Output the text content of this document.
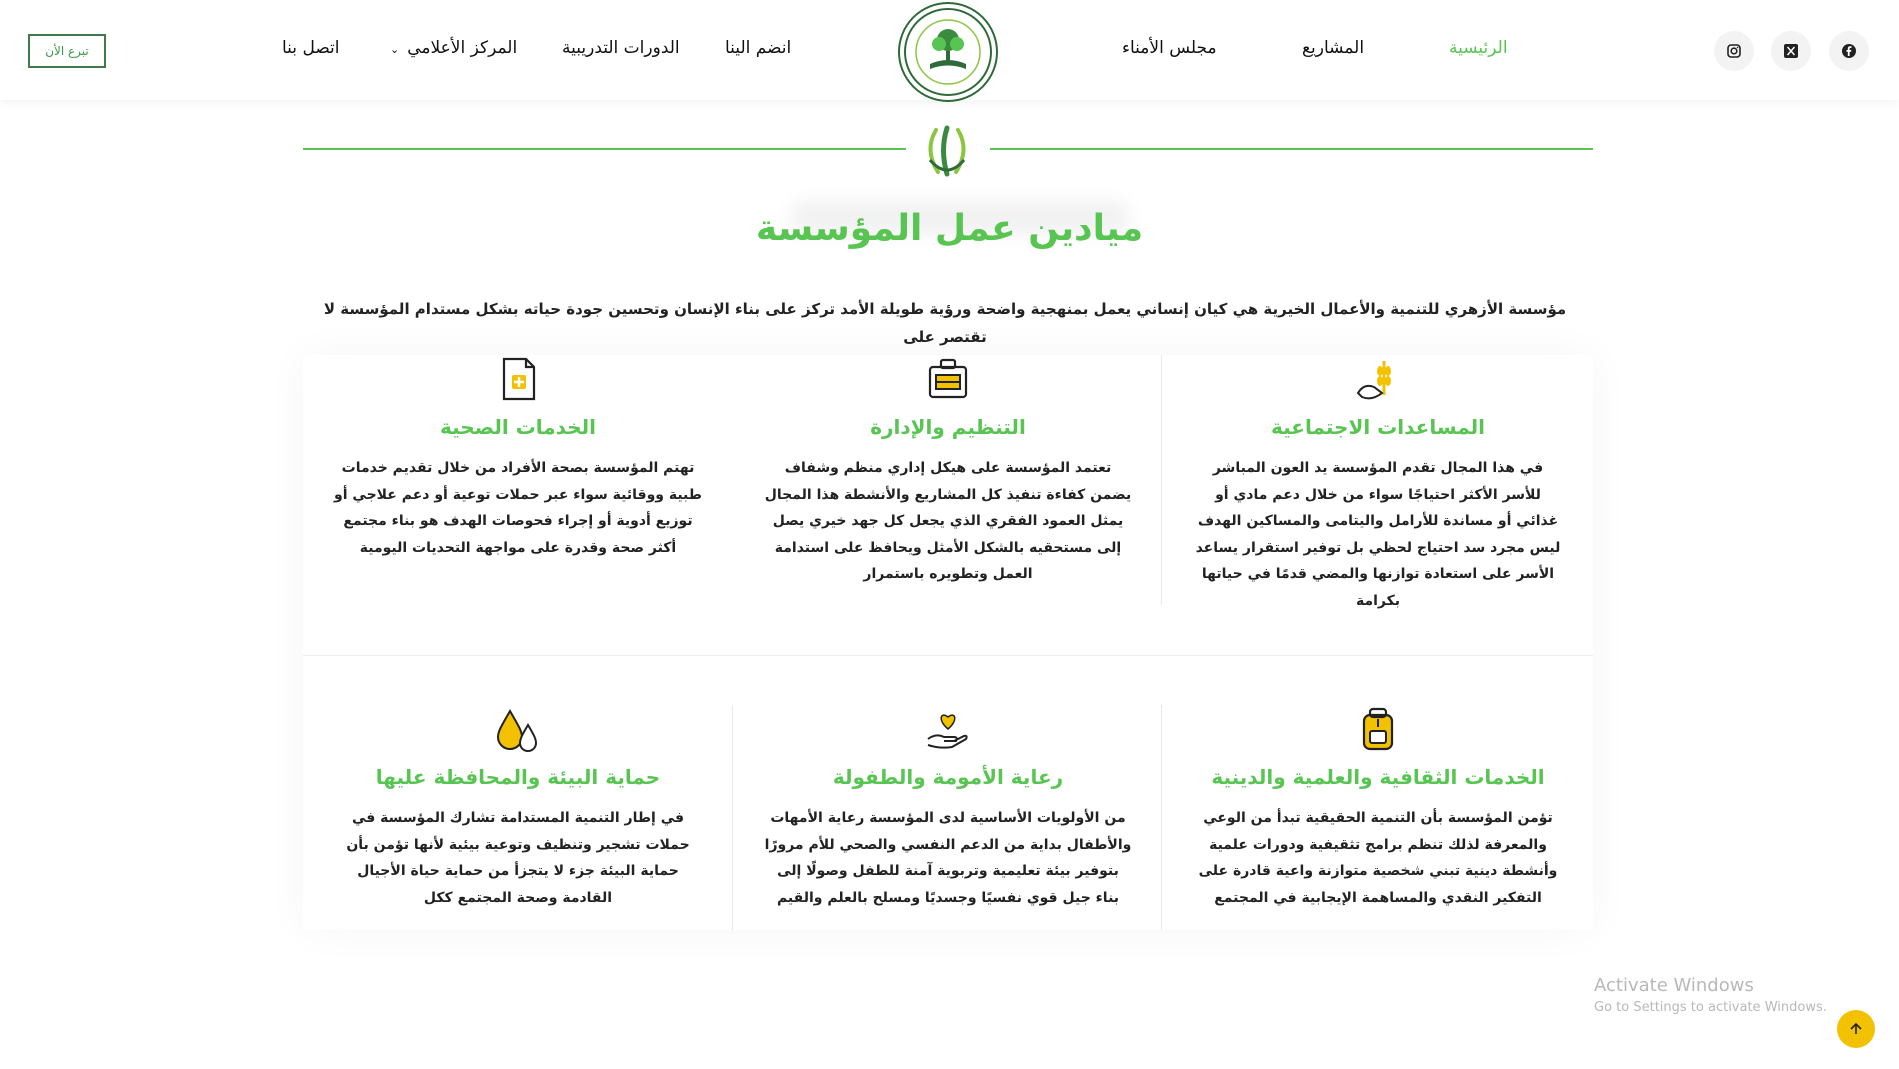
الرئيسية
المشاريع
مجلس الأمناء
انضم الينا
الدورات التدريبية
⌄ المركز الأعلامي
اتصل بنا
تبرع الأن
ميادين عمل المؤسسة
مؤسسة الأزهري للتنمية والأعمال الخيرية هي كيان إنساني يعمل بمنهجية واضحة ورؤية طويلة الأمد تركز على بناء الإنسان وتحسين جودة حياته بشكل مستدام المؤسسة لا تقتصر على
المساعدات الاجتماعية

في هذا المجال تقدم المؤسسة يد العون المباشر للأسر الأكثر احتياجًا سواء من خلال دعم مادي أو غذائي أو مساندة للأرامل واليتامى والمساكين الهدف ليس مجرد سد احتياج لحظي بل توفير استقرار يساعد الأسر على استعادة توازنها والمضي قدمًا في حياتها بكرامة

التنظيم والإدارة

تعتمد المؤسسة على هيكل إداري منظم وشفاف يضمن كفاءة تنفيذ كل المشاريع والأنشطة هذا المجال يمثل العمود الفقري الذي يجعل كل جهد خيري يصل إلى مستحقيه بالشكل الأمثل ويحافظ على استدامة العمل وتطويره باستمرار

الخدمات الصحية

تهتم المؤسسة بصحة الأفراد من خلال تقديم خدمات طبية ووقائية سواء عبر حملات توعية أو دعم علاجي أو توزيع أدوية أو إجراء فحوصات الهدف هو بناء مجتمع أكثر صحة وقدرة على مواجهة التحديات اليومية

الخدمات الثقافية والعلمية والدينية

تؤمن المؤسسة بأن التنمية الحقيقية تبدأ من الوعي والمعرفة لذلك تنظم برامج تثقيفية ودورات علمية وأنشطة دينية تبني شخصية متوازنة واعية قادرة على التفكير النقدي والمساهمة الإيجابية في المجتمع

رعاية الأمومة والطفولة

من الأولويات الأساسية لدى المؤسسة رعاية الأمهات والأطفال بداية من الدعم النفسي والصحي للأم مرورًا بتوفير بيئة تعليمية وتربوية آمنة للطفل وصولًا إلى بناء جيل قوي نفسيًا وجسديًا ومسلح بالعلم والقيم

حماية البيئة والمحافظة عليها

في إطار التنمية المستدامة تشارك المؤسسة في حملات تشجير وتنظيف وتوعية بيئية لأنها تؤمن بأن حماية البيئة جزء لا يتجزأ من حماية حياة الأجيال القادمة وصحة المجتمع ككل

Activate Windows
Go to Settings to activate Windows.
